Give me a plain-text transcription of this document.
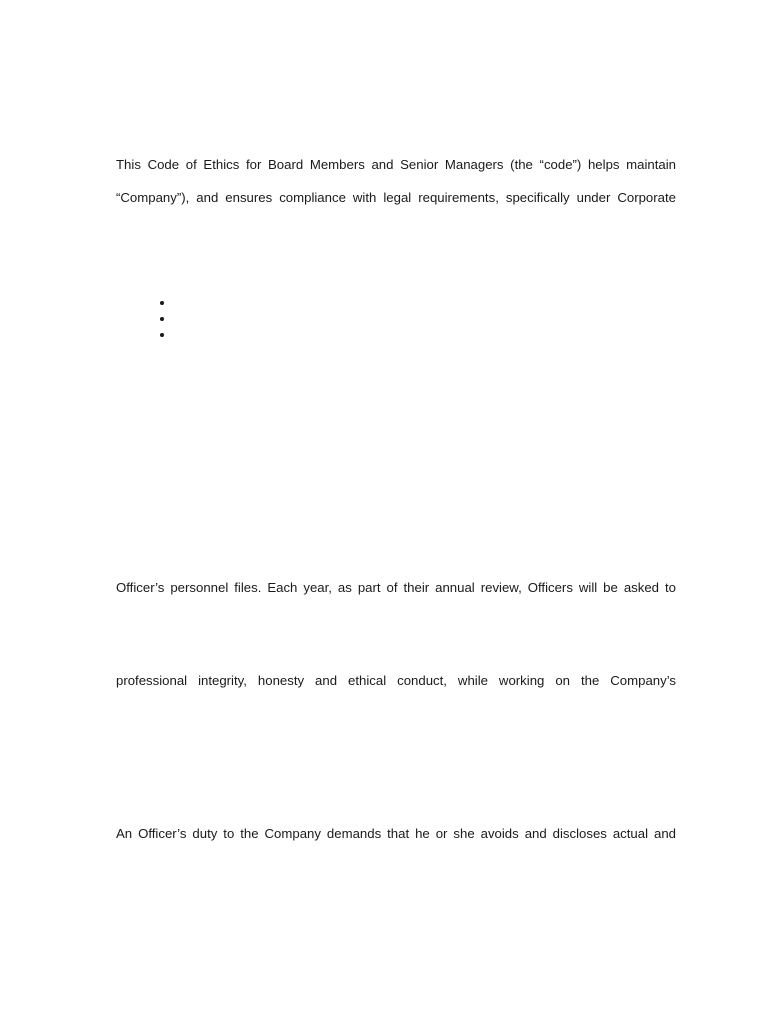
This Code of Ethics for Board Members and Senior Managers (the “code”) helps maintain
“Company”), and ensures compliance with legal requirements, specifically under Corporate
Officer’s personnel files. Each year, as part of their annual review, Officers will be asked to
professional integrity, honesty and ethical conduct, while working on the Company’s
An Officer’s duty to the Company demands that he or she avoids and discloses actual and
